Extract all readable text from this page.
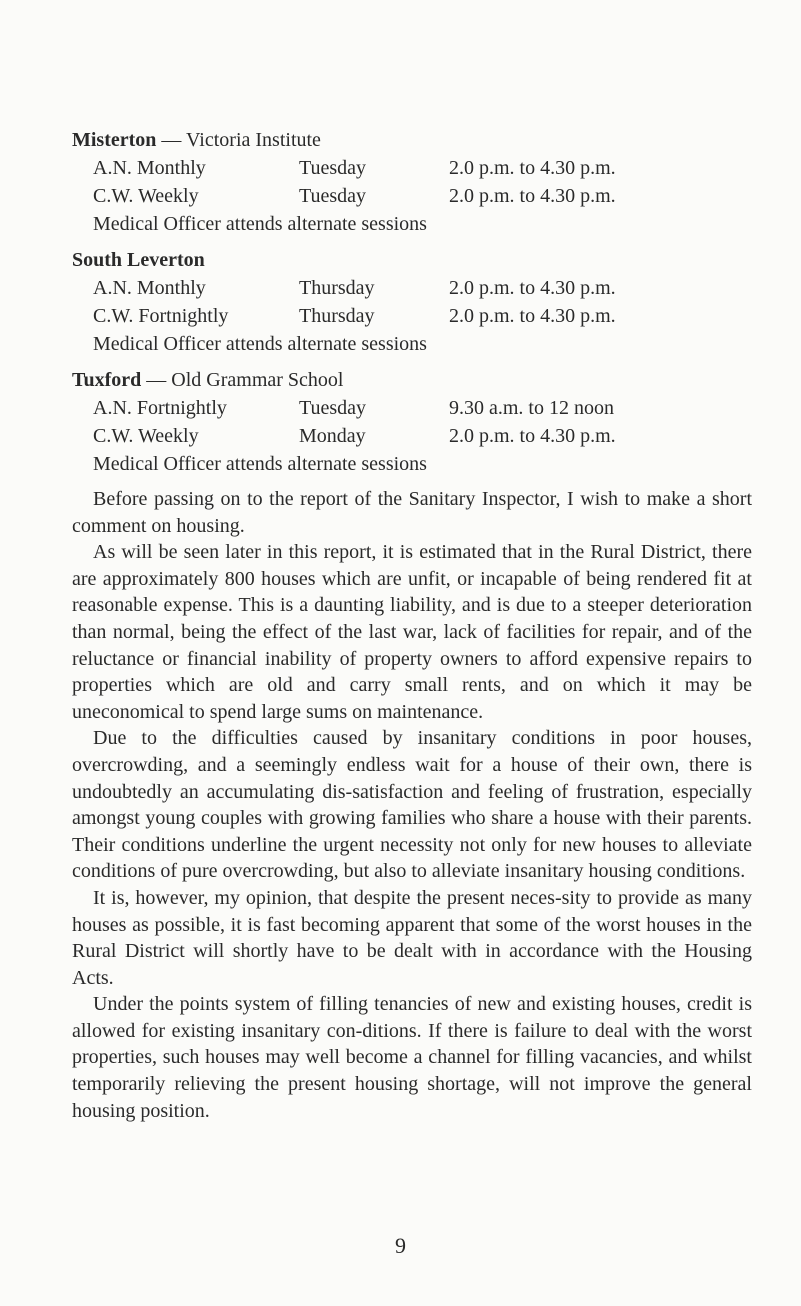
Misterton — Victoria Institute
A.N. Monthly	Tuesday	2.0 p.m. to 4.30 p.m.
C.W. Weekly	Tuesday	2.0 p.m. to 4.30 p.m.
Medical Officer attends alternate sessions
South Leverton
A.N. Monthly	Thursday	2.0 p.m. to 4.30 p.m.
C.W. Fortnightly	Thursday	2.0 p.m. to 4.30 p.m.
Medical Officer attends alternate sessions
Tuxford — Old Grammar School
A.N. Fortnightly	Tuesday	9.30 a.m. to 12 noon
C.W. Weekly	Monday	2.0 p.m. to 4.30 p.m.
Medical Officer attends alternate sessions

Before passing on to the report of the Sanitary Inspector, I wish to make a short comment on housing.

As will be seen later in this report, it is estimated that in the Rural District, there are approximately 800 houses which are unfit, or incapable of being rendered fit at reasonable expense. This is a daunting liability, and is due to a steeper deterioration than normal, being the effect of the last war, lack of facilities for repair, and of the reluctance or financial inability of property owners to afford expensive repairs to properties which are old and carry small rents, and on which it may be uneconomical to spend large sums on maintenance.

Due to the difficulties caused by insanitary conditions in poor houses, overcrowding, and a seemingly endless wait for a house of their own, there is undoubtedly an accumulating dis-satisfaction and feeling of frustration, especially amongst young couples with growing families who share a house with their parents. Their conditions underline the urgent necessity not only for new houses to alleviate conditions of pure overcrowding, but also to alleviate insanitary housing conditions.

It is, however, my opinion, that despite the present neces-sity to provide as many houses as possible, it is fast becoming apparent that some of the worst houses in the Rural District will shortly have to be dealt with in accordance with the Housing Acts.

Under the points system of filling tenancies of new and existing houses, credit is allowed for existing insanitary con-ditions. If there is failure to deal with the worst properties, such houses may well become a channel for filling vacancies, and whilst temporarily relieving the present housing shortage, will not improve the general housing position.

9
